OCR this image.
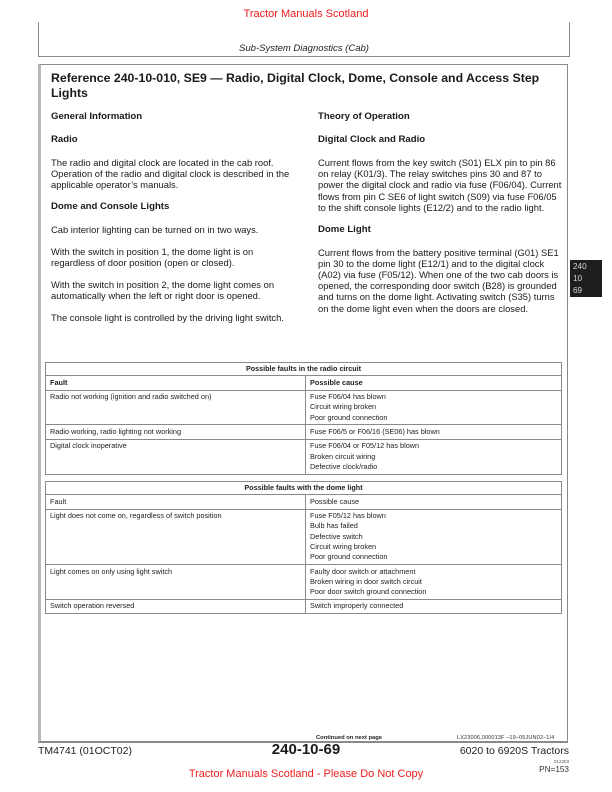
Tractor Manuals Scotland
Sub-System Diagnostics (Cab)
Reference 240-10-010, SE9 — Radio, Digital Clock, Dome, Console and Access Step Lights
General Information
Radio

The radio and digital clock are located in the cab roof. Operation of the radio and digital clock is described in the applicable operator’s manuals.

Dome and Console Lights

Cab interior lighting can be turned on in two ways.

With the switch in position 1, the dome light is on regardless of door position (open or closed).

With the switch in position 2, the dome light comes on automatically when the left or right door is opened.

The console light is controlled by the driving light switch.

Theory of Operation
Digital Clock and Radio

Current flows from the key switch (S01) ELX pin to pin 86 on relay (K01/3). The relay switches pins 30 and 87 to power the digital clock and radio via fuse (F06/04). Current flows from pin C SE6 of light switch (S09) via fuse F06/05 to the shift console lights (E12/2) and to the radio light.

Dome Light

Current flows from the battery positive terminal (G01) SE1 pin 30 to the dome light (E12/1) and to the digital clock (A02) via fuse (F05/12). When one of the two cab doors is opened, the corresponding door switch (B28) is grounded and turns on the dome light. Activating switch (S35) turns on the dome light even when the doors are closed.

240
10
69
Possible faults in the radio circuit	
Fault	Possible cause
Radio not working (ignition and radio switched on)	Fuse F06/04 has blown
Circuit wiring broken
Poor ground connection

Radio working, radio lighting not working	Fuse F06/5 or F06/16 (SE06) has blown

Digital clock inoperative	Fuse F06/04 or F05/12 has blown
Broken circuit wiring
Defective clock/radio
Possible faults with the dome light	
Fault	Possible cause
Light does not come on, regardless of switch position	Fuse F05/12 has blown
Bulb has failed
Defective switch
Circuit wiring broken
Poor ground connection

Light comes on only using light switch	Faulty door switch or attachment
Broken wiring in door switch circuit
Poor door switch ground connection

Switch operation reversed	Switch improperly connected
Continued on next page	LX23006,000013F –19–05JUN02–1/4
TM4741 (01OCT02)	240-10-69	6020 to 6920S Tractors
012303
PN=153
Tractor Manuals Scotland - Please Do Not Copy
